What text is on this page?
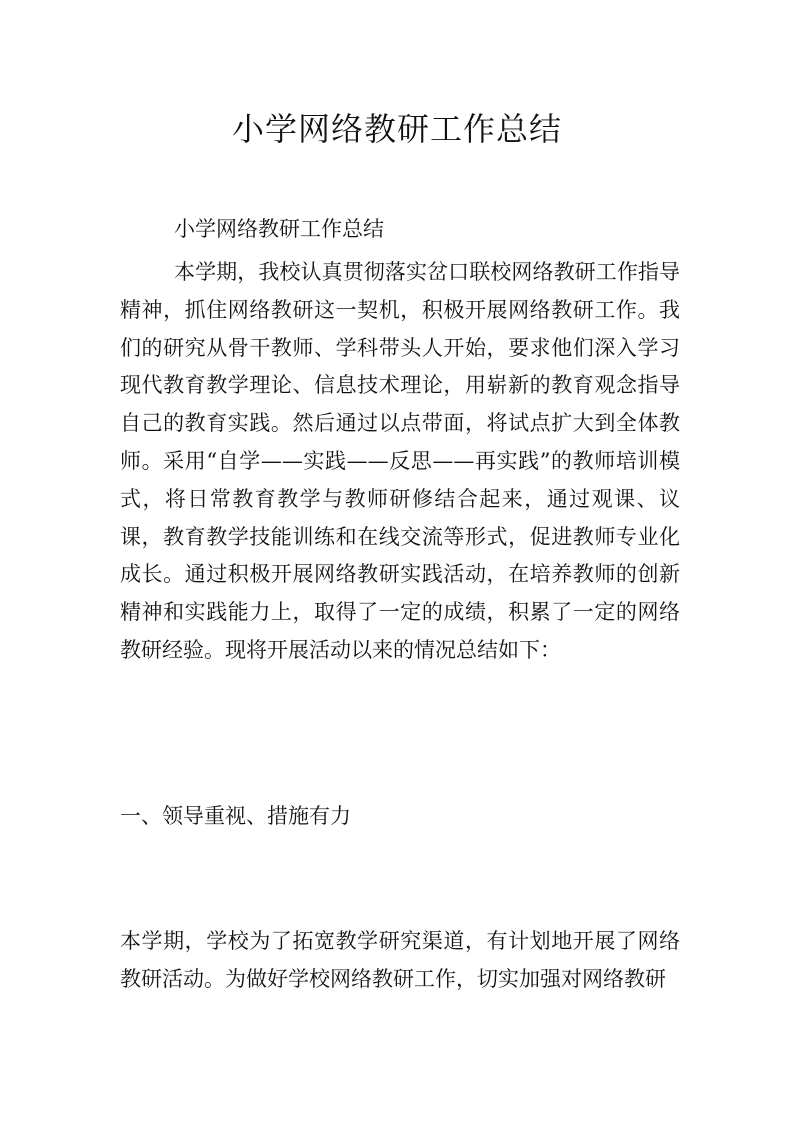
小学网络教研工作总结

小学网络教研工作总结

本学期，我校认真贯彻落实岔口联校网络教研工作指导精神，抓住网络教研这一契机，积极开展网络教研工作。我们的研究从骨干教师、学科带头人开始，要求他们深入学习现代教育教学理论、信息技术理论，用崭新的教育观念指导自己的教育实践。然后通过以点带面，将试点扩大到全体教师。采用“自学——实践——反思——再实践”的教师培训模式，将日常教育教学与教师研修结合起来，通过观课、议课，教育教学技能训练和在线交流等形式，促进教师专业化成长。通过积极开展网络教研实践活动，在培养教师的创新精神和实践能力上，取得了一定的成绩，积累了一定的网络教研经验。现将开展活动以来的情况总结如下：

一、领导重视、措施有力

本学期，学校为了拓宽教学研究渠道，有计划地开展了网络教研活动。为做好学校网络教研工作，切实加强对网络教研
